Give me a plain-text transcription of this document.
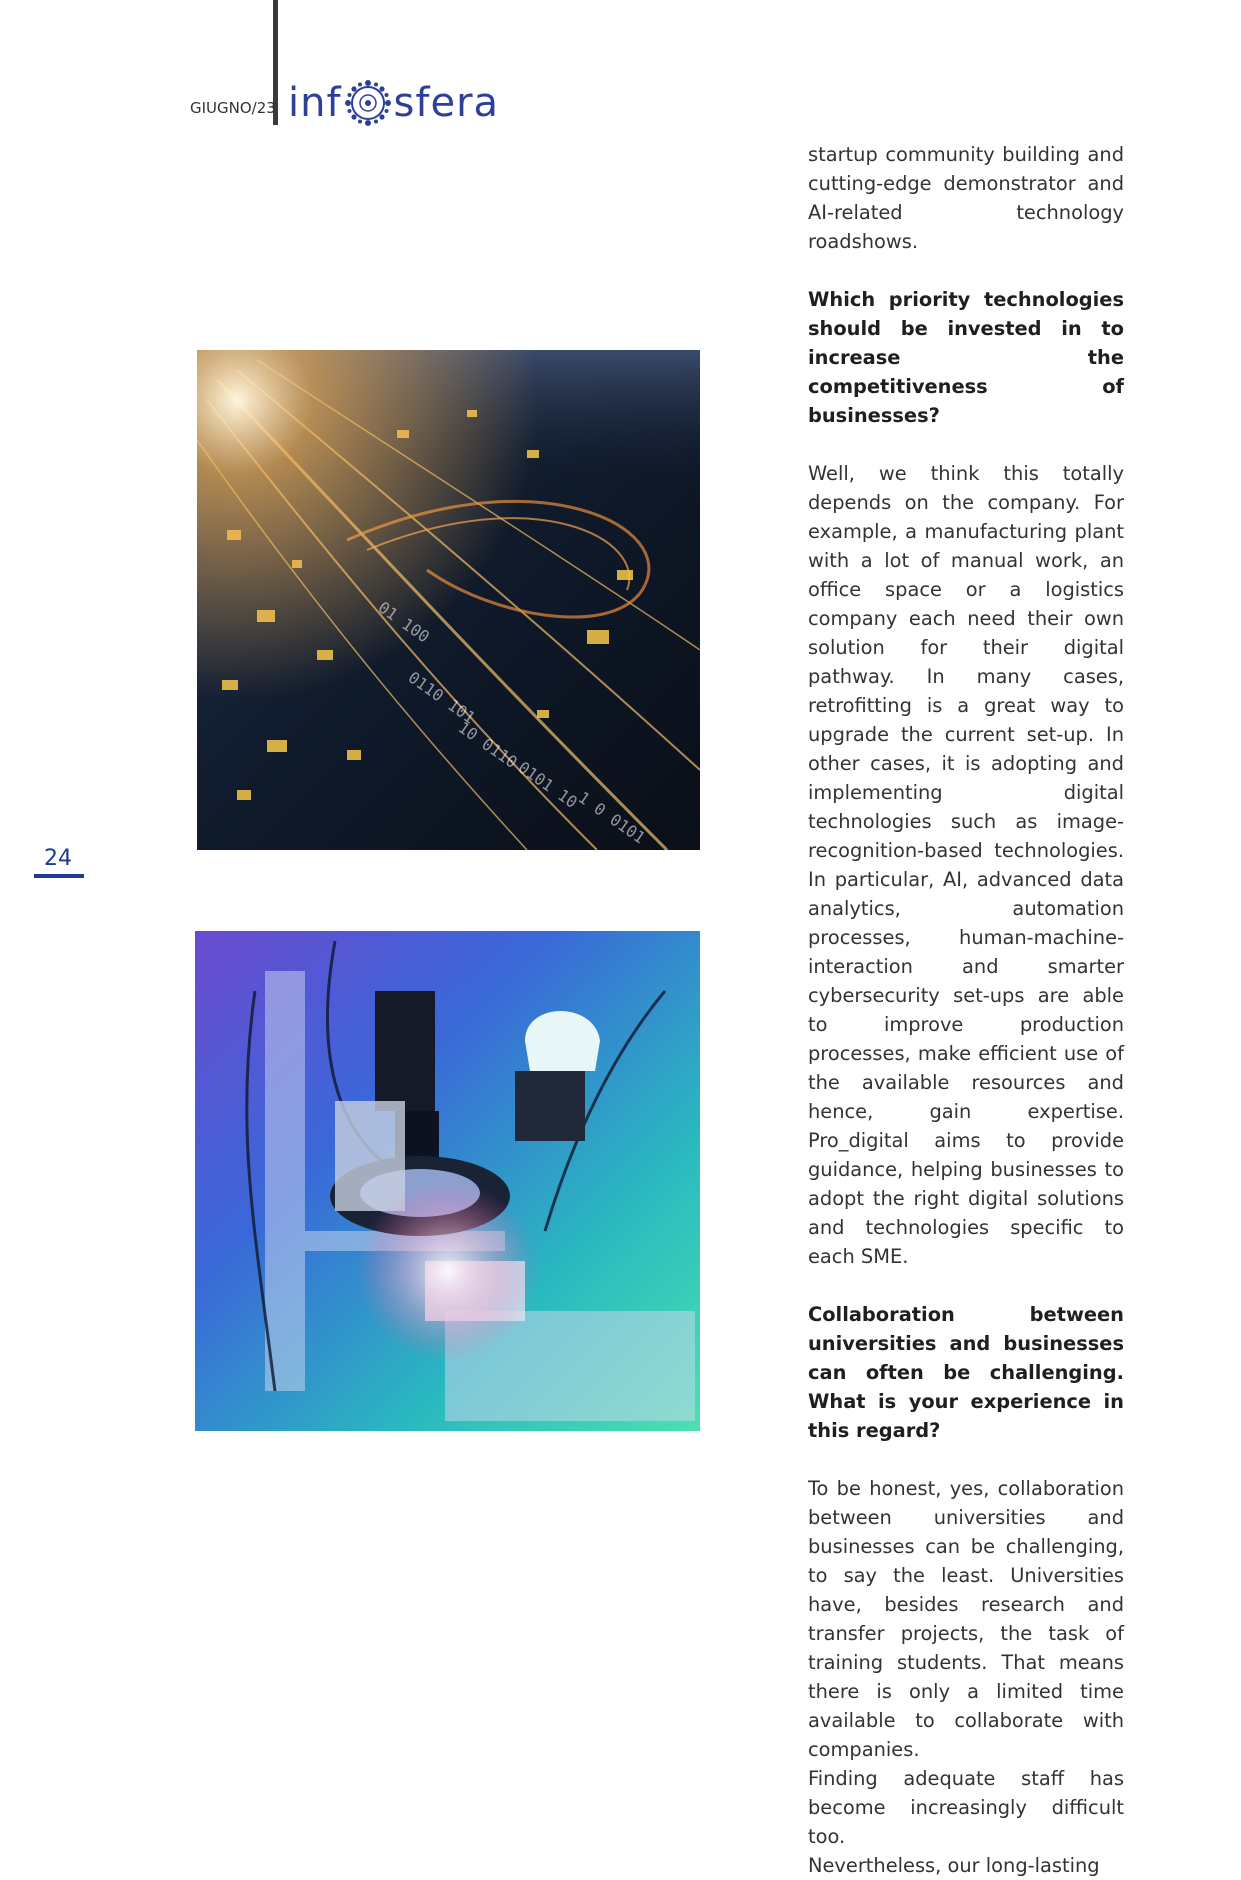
GIUGNO/23 inf sfera
24

startup community building and cutting-edge demonstrator and AI-related technology roadshows.

Which priority technologies should be invested in to increase the competitiveness of businesses?

Well, we think this totally depends on the company. For example, a manufacturing plant with a lot of manual work, an office space or a logistics company each need their own solution for their digital pathway. In many cases, retrofitting is a great way to upgrade the current set-up. In other cases, it is adopting and implementing digital technologies such as image-recognition-based technologies. In particular, AI, advanced data analytics, automation processes, human-machine-interaction and smarter cybersecurity set-ups are able to improve production processes, make efficient use of the available resources and hence, gain expertise. Pro_digital aims to provide guidance, helping businesses to adopt the right digital solutions and technologies specific to each SME.

Collaboration between universities and businesses can often be challenging. What is your experience in this regard?

To be honest, yes, collaboration between universities and businesses can be challenging, to say the least. Universities have, besides research and transfer projects, the task of training students. That means there is only a limited time available to collaborate with companies.

Finding adequate staff has become increasingly difficult too.

Nevertheless, our long-lasting
